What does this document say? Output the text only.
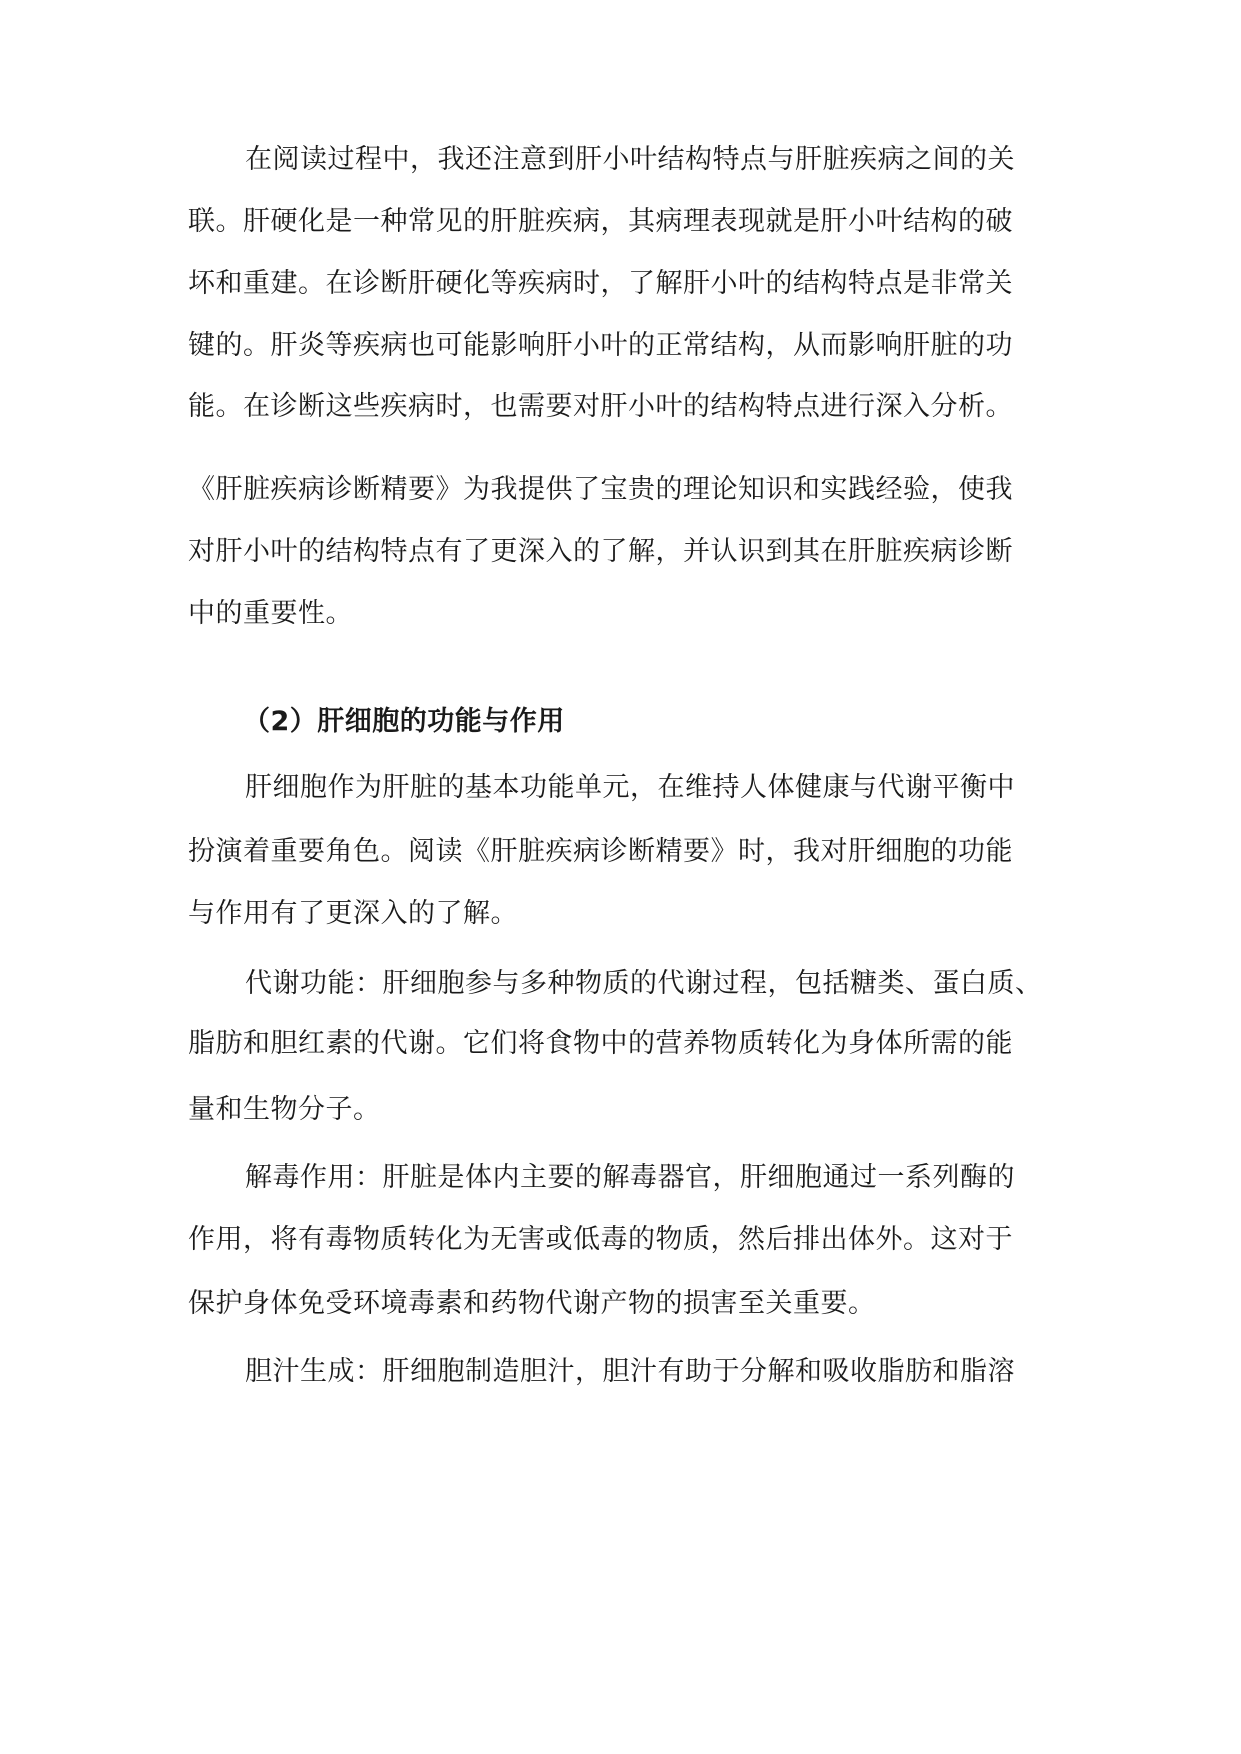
在阅读过程中，我还注意到肝小叶结构特点与肝脏疾病之间的关

联。肝硬化是一种常见的肝脏疾病，其病理表现就是肝小叶结构的破

坏和重建。在诊断肝硬化等疾病时，了解肝小叶的结构特点是非常关

键的。肝炎等疾病也可能影响肝小叶的正常结构，从而影响肝脏的功

能。在诊断这些疾病时，也需要对肝小叶的结构特点进行深入分析。

《肝脏疾病诊断精要》为我提供了宝贵的理论知识和实践经验，使我

对肝小叶的结构特点有了更深入的了解，并认识到其在肝脏疾病诊断

中的重要性。

（2）肝细胞的功能与作用

肝细胞作为肝脏的基本功能单元，在维持人体健康与代谢平衡中

扮演着重要角色。阅读《肝脏疾病诊断精要》时，我对肝细胞的功能

与作用有了更深入的了解。

代谢功能：肝细胞参与多种物质的代谢过程，包括糖类、蛋白质、

脂肪和胆红素的代谢。它们将食物中的营养物质转化为身体所需的能

量和生物分子。

解毒作用：肝脏是体内主要的解毒器官，肝细胞通过一系列酶的

作用，将有毒物质转化为无害或低毒的物质，然后排出体外。这对于

保护身体免受环境毒素和药物代谢产物的损害至关重要。

胆汁生成：肝细胞制造胆汁，胆汁有助于分解和吸收脂肪和脂溶
